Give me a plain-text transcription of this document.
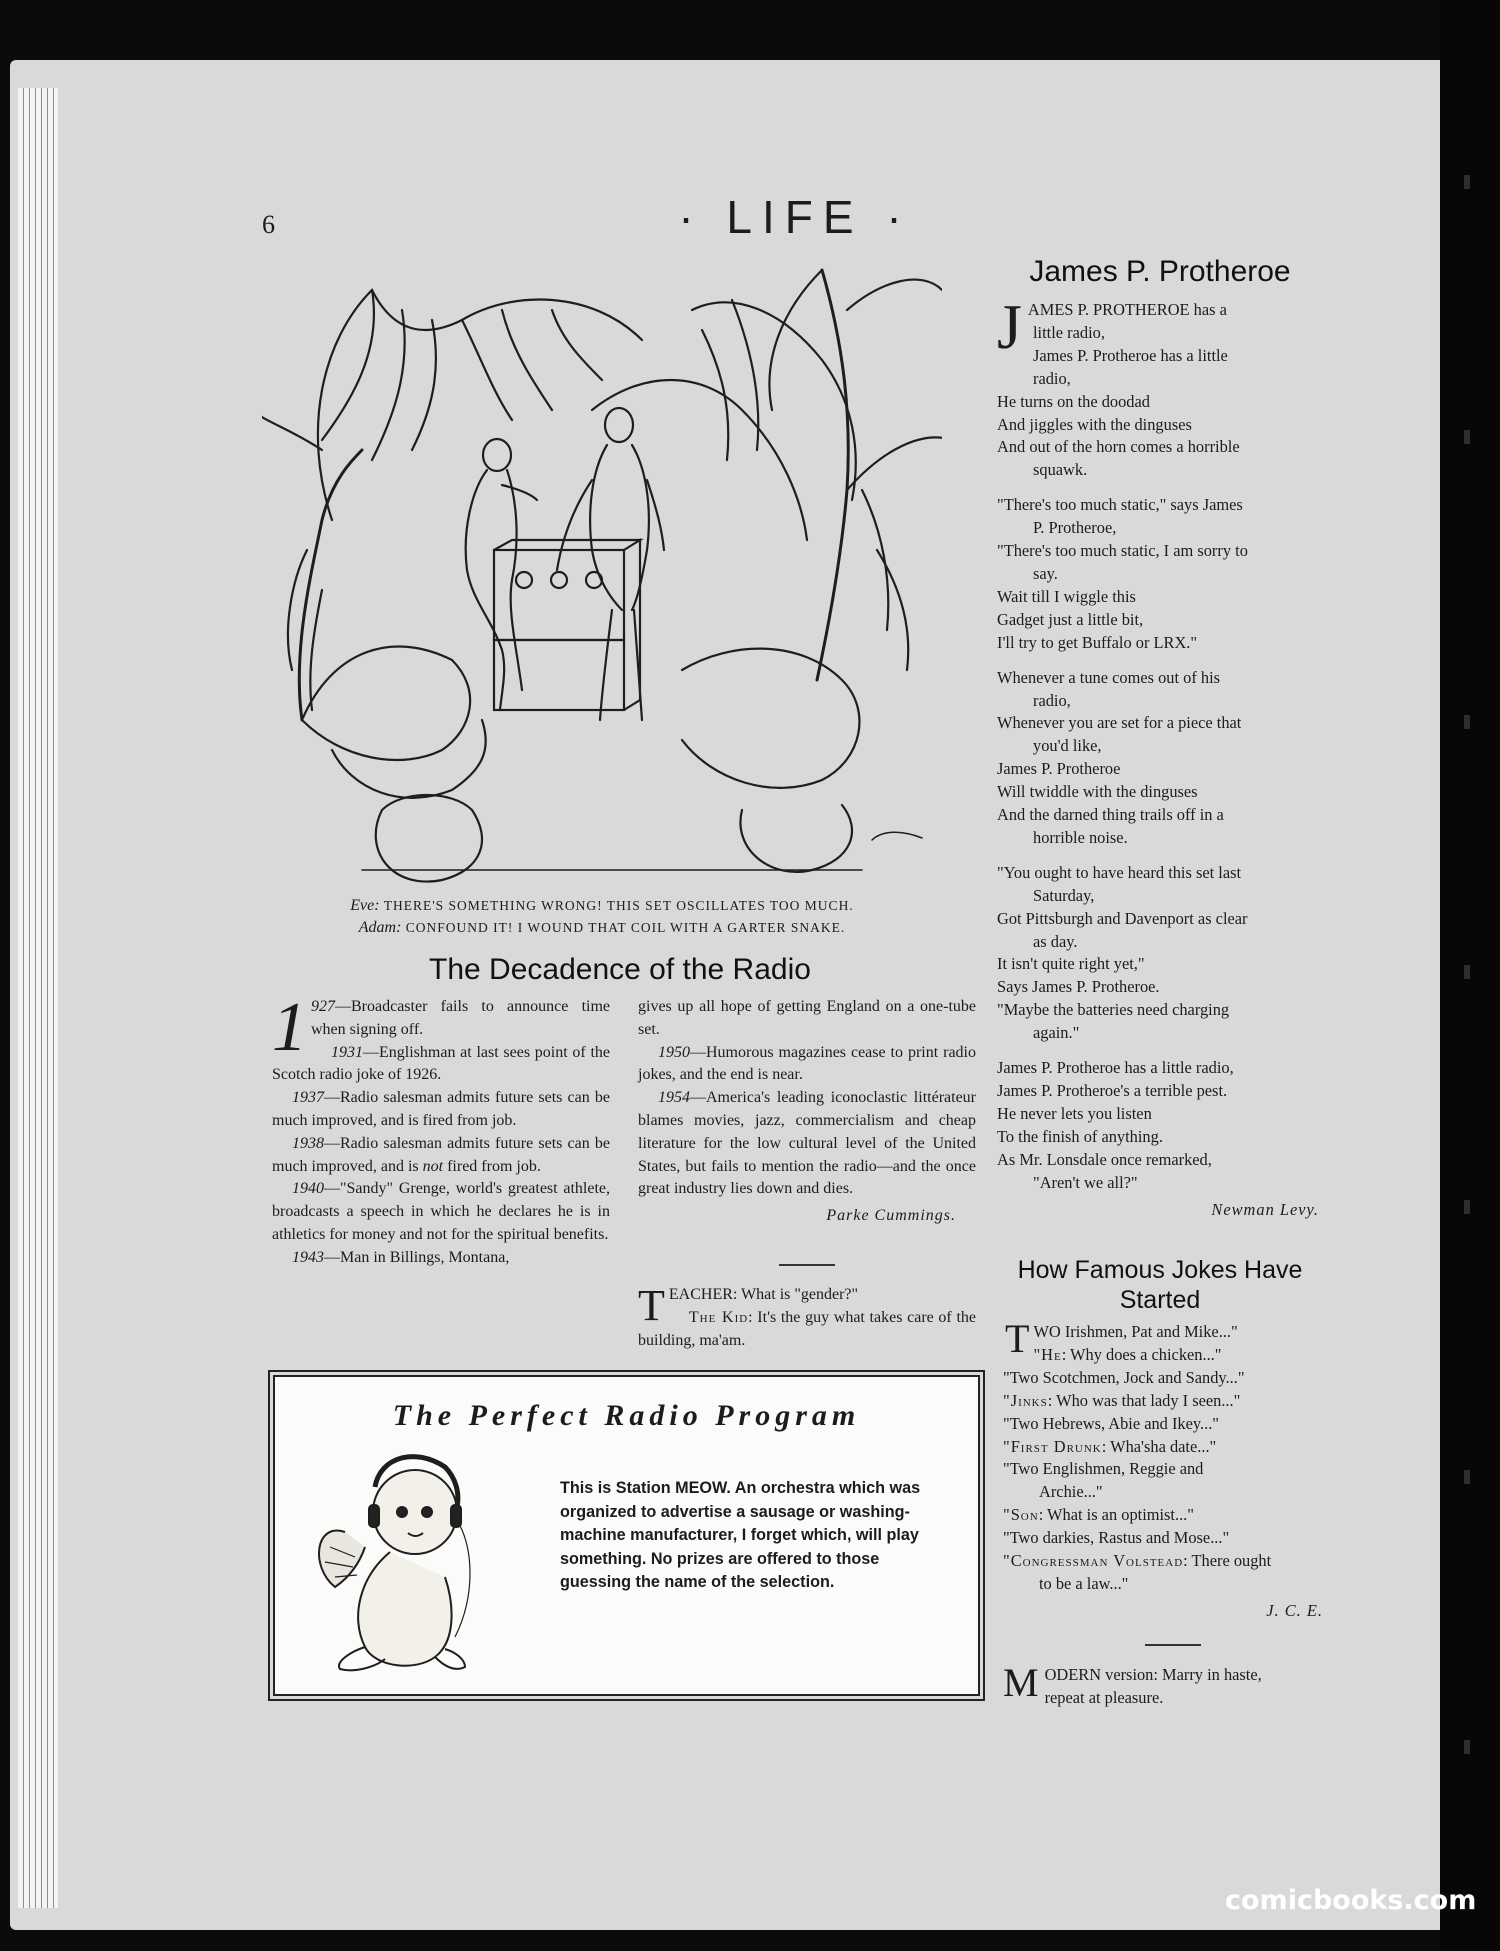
6	· LIFE ·
Eve: THERE'S SOMETHING WRONG! THIS SET OSCILLATES TOO MUCH.
Adam: CONFOUND IT! I WOUND THAT COIL WITH A GARTER SNAKE.
The Decadence of the Radio

1 927—Broadcaster fails to announce time when signing off.

1931—Englishman at last sees point of the Scotch radio joke of 1926.

1937—Radio salesman admits future sets can be much improved, and is fired from job.

1938—Radio salesman admits future sets can be much improved, and is not fired from job.

1940—"Sandy" Grenge, world's greatest athlete, broadcasts a speech in which he declares he is in athletics for money and not for the spiritual benefits.

1943—Man in Billings, Montana,

gives up all hope of getting England on a one-tube set.

1950—Humorous magazines cease to print radio jokes, and the end is near.

1954—America's leading iconoclastic littérateur blames movies, jazz, commercialism and cheap literature for the low cultural level of the United States, but fails to mention the radio—and the once great industry lies down and dies.

Parke Cummings.

TEACHER: What is "gender?"

The Kid: It's the guy what takes care of the building, ma'am.

The Perfect Radio Program
This is Station MEOW. An orchestra which was organized to advertise a sausage or washing-machine manufacturer, I forget which, will play something. No prizes are offered to those guessing the name of the selection.
James P. Protheroe
J AMES P. PROTHEROE has a
little radio,
James P. Protheroe has a little
radio,
He turns on the doodad
And jiggles with the dinguses
And out of the horn comes a horrible
squawk.
"There's too much static," says James
P. Protheroe,
"There's too much static, I am sorry to
say.
Wait till I wiggle this
Gadget just a little bit,
I'll try to get Buffalo or LRX."
Whenever a tune comes out of his
radio,
Whenever you are set for a piece that
you'd like,
James P. Protheroe
Will twiddle with the dinguses
And the darned thing trails off in a
horrible noise.
"You ought to have heard this set last
Saturday,
Got Pittsburgh and Davenport as clear
as day.
It isn't quite right yet,"
Says James P. Protheroe.
"Maybe the batteries need charging
again."
James P. Protheroe has a little radio,
James P. Protheroe's a terrible pest.
He never lets you listen
To the finish of anything.
As Mr. Lonsdale once remarked,
"Aren't we all?"
Newman Levy.
How Famous Jokes Have Started
T WO Irishmen, Pat and Mike..."
"He: Why does a chicken..."
"Two Scotchmen, Jock and Sandy..."
"Jinks: Who was that lady I seen..."
"Two Hebrews, Abie and Ikey..."
"First Drunk: Wha'sha date..."
"Two Englishmen, Reggie and
Archie..."
"Son: What is an optimist..."
"Two darkies, Rastus and Mose..."
"Congressman Volstead: There ought
to be a law..."
J. C. E.
M ODERN version: Marry in haste,
repeat at pleasure.
comicbooks.com
